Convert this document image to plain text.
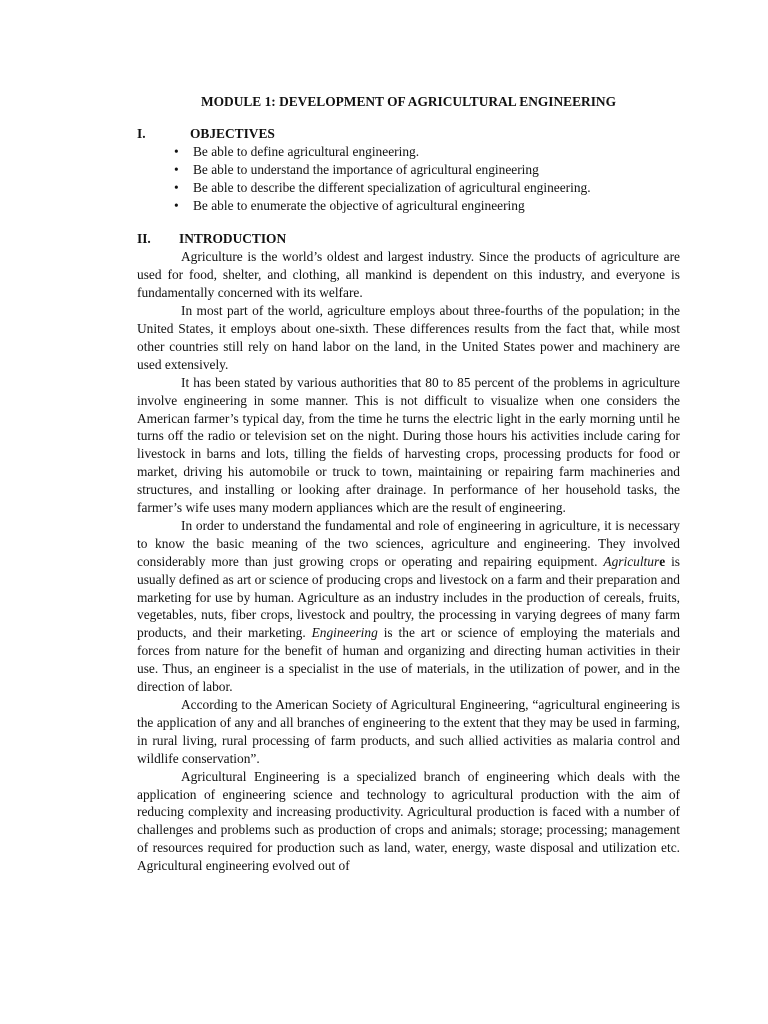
MODULE 1: DEVELOPMENT OF AGRICULTURAL ENGINEERING
I.	OBJECTIVES
• Be able to define agricultural engineering.
• Be able to understand the importance of agricultural engineering
• Be able to describe the different specialization of agricultural engineering.
• Be able to enumerate the objective of agricultural engineering
II.	INTRODUCTION

Agriculture is the world’s oldest and largest industry. Since the products of agriculture are used for food, shelter, and clothing, all mankind is dependent on this industry, and everyone is fundamentally concerned with its welfare.

In most part of the world, agriculture employs about three-fourths of the population; in the United States, it employs about one-sixth. These differences results from the fact that, while most other countries still rely on hand labor on the land, in the United States power and machinery are used extensively.

It has been stated by various authorities that 80 to 85 percent of the problems in agriculture involve engineering in some manner. This is not difficult to visualize when one considers the American farmer’s typical day, from the time he turns the electric light in the early morning until he turns off the radio or television set on the night. During those hours his activities include caring for livestock in barns and lots, tilling the fields of harvesting crops, processing products for food or market, driving his automobile or truck to town, maintaining or repairing farm machineries and structures, and installing or looking after drainage. In performance of her household tasks, the farmer’s wife uses many modern appliances which are the result of engineering.

In order to understand the fundamental and role of engineering in agriculture, it is necessary to know the basic meaning of the two sciences, agriculture and engineering. They involved considerably more than just growing crops or operating and repairing equipment. Agriculture is usually defined as art or science of producing crops and livestock on a farm and their preparation and marketing for use by human. Agriculture as an industry includes in the production of cereals, fruits, vegetables, nuts, fiber crops, livestock and poultry, the processing in varying degrees of many farm products, and their marketing. Engineering is the art or science of employing the materials and forces from nature for the benefit of human and organizing and directing human activities in their use. Thus, an engineer is a specialist in the use of materials, in the utilization of power, and in the direction of labor.

According to the American Society of Agricultural Engineering, “agricultural engineering is the application of any and all branches of engineering to the extent that they may be used in farming, in rural living, rural processing of farm products, and such allied activities as malaria control and wildlife conservation”.

Agricultural Engineering is a specialized branch of engineering which deals with the application of engineering science and technology to agricultural production with the aim of reducing complexity and increasing productivity. Agricultural production is faced with a number of challenges and problems such as production of crops and animals; storage; processing; management of resources required for production such as land, water, energy, waste disposal and utilization etc. Agricultural engineering evolved out of
